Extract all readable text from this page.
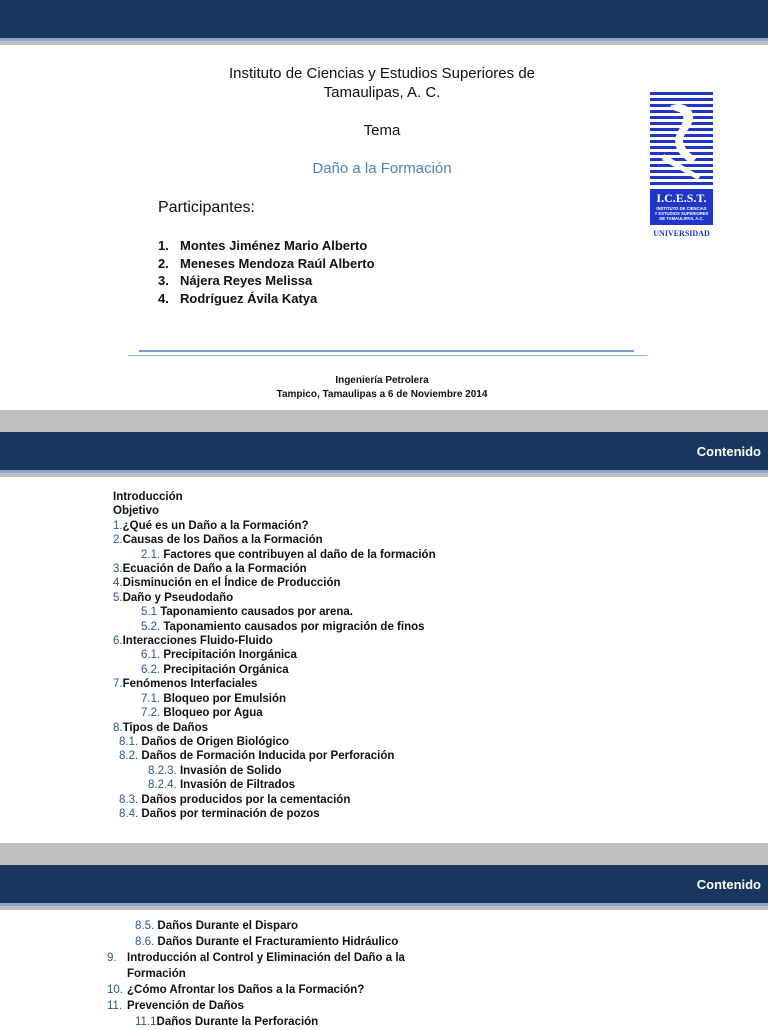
Instituto de Ciencias y Estudios Superiores de
Tamaulipas, A. C.
Tema
Daño a la Formación
Participantes:
1. Montes Jiménez Mario Alberto
2. Meneses Mendoza Raúl Alberto
3. Nájera Reyes Melissa
4. Rodríguez Ávila Katya
I.C.E.S.T.
INSTITUTO DE CIENCIAS
Y ESTUDIOS SUPERIORES
DE TAMAULIPAS, A.C.
UNIVERSIDAD
Ingeniería Petrolera
Tampico, Tamaulipas a 6 de Noviembre 2014
Contenido
Introducción
Objetivo
1.¿Qué es un Daño a la Formación?
2.Causas de los Daños a la Formación
2.1. Factores que contribuyen al daño de la formación
3.Ecuación de Daño a la Formación
4.Disminución en el Índice de Producción
5.Daño y Pseudodaño
5.1 Taponamiento causados por arena.
5.2. Taponamiento causados por migración de finos
6.Interacciones Fluido-Fluido
6.1. Precipitación Inorgánica
6.2. Precipitación Orgánica
7.Fenómenos Interfaciales
7.1. Bloqueo por Emulsión
7.2. Bloqueo por Agua
8.Tipos de Daños
8.1. Daños de Origen Biológico
8.2. Daños de Formación Inducida por Perforación
8.2.3. Invasión de Solido
8.2.4. Invasión de Filtrados
8.3. Daños producidos por la cementación
8.4. Daños por terminación de pozos
Contenido
8.5. Daños Durante el Disparo
8.6. Daños Durante el Fracturamiento Hidráulico
9. Introducción al Control y Eliminación del Daño a la
Formación
10. ¿Cómo Afrontar los Daños a la Formación?
11. Prevención de Daños
11.1Daños Durante la Perforación
